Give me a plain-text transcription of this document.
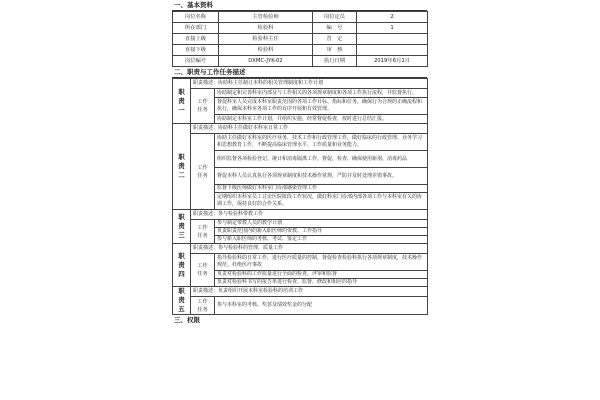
一、基本资料
岗位名称	主管检验师	岗位定员	2
所在部门	检验科	编　号	1
直接上级	检验科主任	晋　定	
直接下级	检验科	审　核	
岗位编号	DXMC-JYK-02	执行日期	2019年6月1日
二、职责与工作任务描述
职
责
一	职责描述：协助科主任制订本科的相关管理制度和工作计划	

	工作
任务	协助制定和完善科室内部及与工作相关的各项规章制度和各项工作执行流程，并监督执行。
		督促科室人员完成本科室职责范围的各项工作目标、指标和任务，确保行为合规的正确流程和执行，确保本科室各项工作的有序开展和有效管理。
		协助制定本科室工作计划，并组织实施，经常督促检查，按时进行总结汇报。

职
责
二	职责描述：协助科主任做好本科室日常工作	

	工作
任务	协助主任做好本科室的医疗业务、技术工作和行政管理工作，做好临床的行政管理、业务学习和思想教育工作，不断提高临床管理水平、工作质量和业务能力。
		组织监督各项检验登记、统计和消毒隔离工作，督促、检查、确保使用新剂、消毒药品
		督促本科人员认真执行各项规章制度和技术操作常规，严防并及时处理差错事故。
		监督下级医师做好本科室门诊部感染管理工作
		定期组织本科室员工讨论医院阶段工作状况，做好科室门诊部内部各项工作与本科室有关的协调工作，保持良好的合作关系。

职
责
三	职责描述：参与检验科带教工作	

	工作
任务	参与制定带教人员的教学计划
		负责职责范围内的新入职医师的带教、工作指导
		参与新入职医师的考核、考试、鉴定工作

职
责
四	职责描述：参与检验科的管理、质量工作	

	工作
任务	指导检验科的日常工作，进行医疗质量的控制，督促检查检验科执行各项规章制度，技术操作规范，杜绝医疗事故
		负责对检验科的工作质量进行全面的检查，评审和监督
		负责对检验科书写的报告单进行检查、监督、修改和相应的指导

职
责
五	职责描述：负责组织开展本科室检验科的培训工作	

	工作
任务	参与本科室的考核、奖惩及绩效奖金的分配
三、权限
